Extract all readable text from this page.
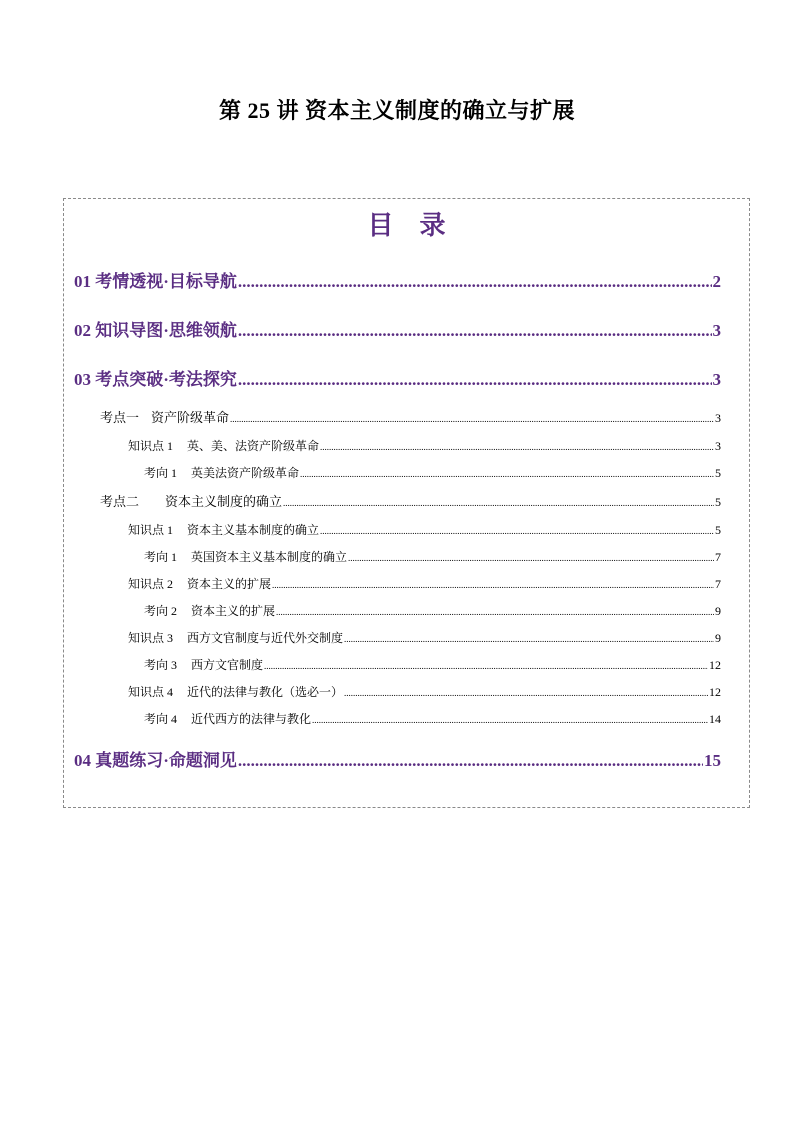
第 25 讲 资本主义制度的确立与扩展
目录
01 考情透视·目标导航 .....	2
02 知识导图·思维领航 .....	3
03 考点突破·考法探究 .....	3
考点一 资产阶级革命 .....	3
知识点 1 英、美、法资产阶级革命 .....	3
考向 1 英美法资产阶级革命 .....	5
考点二 资本主义制度的确立 .....	5
知识点 1 资本主义基本制度的确立 .....	5
考向 1 英国资本主义基本制度的确立 .....	7
知识点 2 资本主义的扩展 .....	7
考向 2 资本主义的扩展 .....	9
知识点 3 西方文官制度与近代外交制度 .....	9
考向 3 西方文官制度 .....	12
知识点 4 近代的法律与教化（选必一） .....	12
考向 4 近代西方的法律与教化 .....	14
04 真题练习·命题洞见 .....	15
